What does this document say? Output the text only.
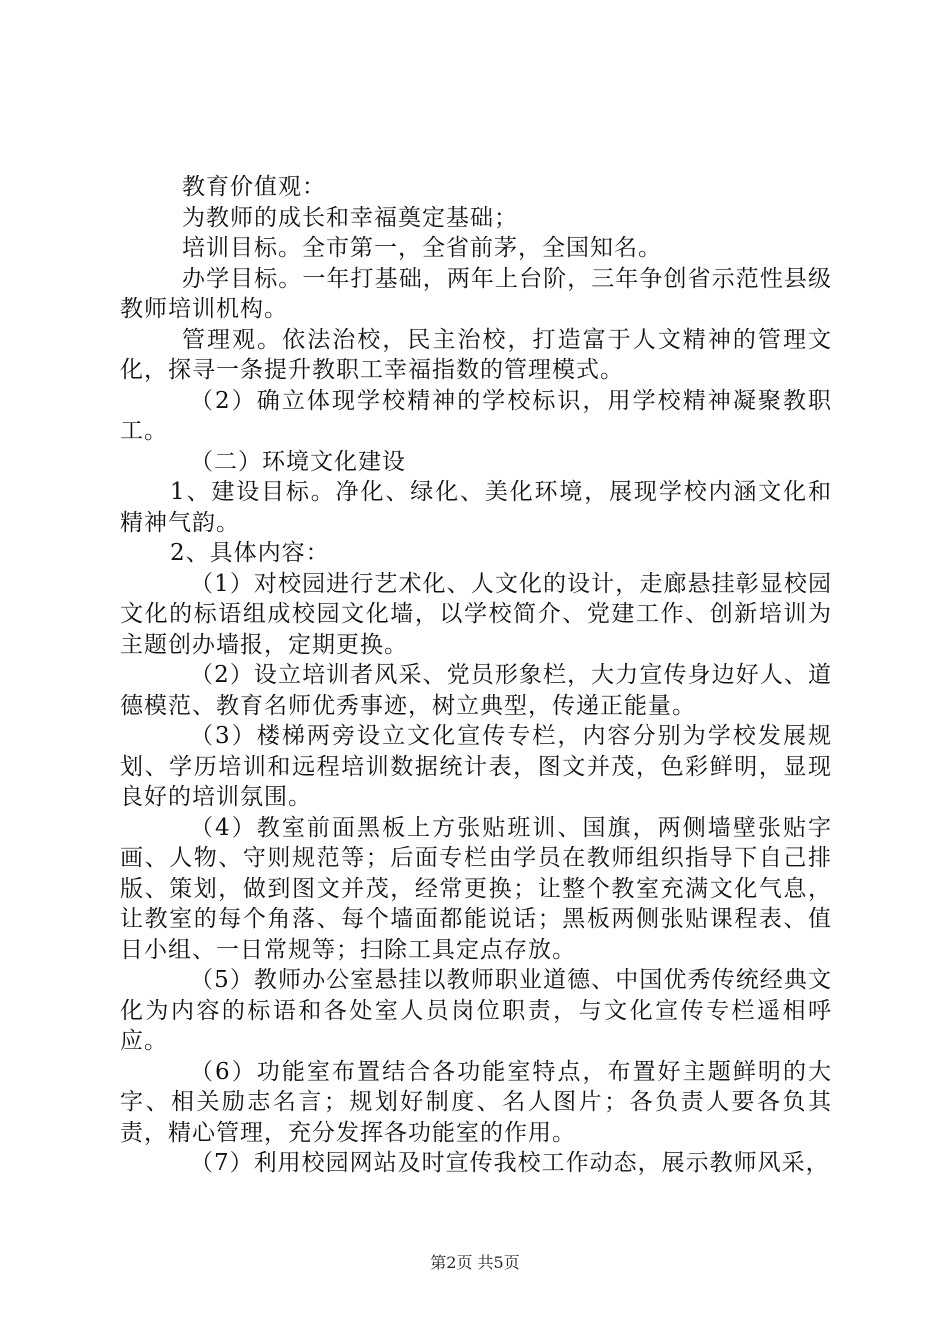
教育价值观：

为教师的成长和幸福奠定基础；

培训目标。全市第一，全省前茅，全国知名。

办学目标。一年打基础，两年上台阶，三年争创省示范性县级教师培训机构。

管理观。依法治校，民主治校，打造富于人文精神的管理文化，探寻一条提升教职工幸福指数的管理模式。

（2）确立体现学校精神的学校标识，用学校精神凝聚教职工。

（二）环境文化建设

1、建设目标。净化、绿化、美化环境，展现学校内涵文化和精神气韵。

2、具体内容：

（1）对校园进行艺术化、人文化的设计，走廊悬挂彰显校园文化的标语组成校园文化墙，以学校简介、党建工作、创新培训为主题创办墙报，定期更换。

（2）设立培训者风采、党员形象栏，大力宣传身边好人、道德模范、教育名师优秀事迹，树立典型，传递正能量。

（3）楼梯两旁设立文化宣传专栏，内容分别为学校发展规划、学历培训和远程培训数据统计表，图文并茂，色彩鲜明，显现良好的培训氛围。

（4）教室前面黑板上方张贴班训、国旗，两侧墙壁张贴字画、人物、守则规范等；后面专栏由学员在教师组织指导下自己排版、策划，做到图文并茂，经常更换；让整个教室充满文化气息，让教室的每个角落、每个墙面都能说话；黑板两侧张贴课程表、值日小组、一日常规等；扫除工具定点存放。

（5）教师办公室悬挂以教师职业道德、中国优秀传统经典文化为内容的标语和各处室人员岗位职责，与文化宣传专栏遥相呼应。

（6）功能室布置结合各功能室特点，布置好主题鲜明的大字、相关励志名言；规划好制度、名人图片；各负责人要各负其责，精心管理，充分发挥各功能室的作用。

（7）利用校园网站及时宣传我校工作动态，展示教师风采，

第2页 共5页
